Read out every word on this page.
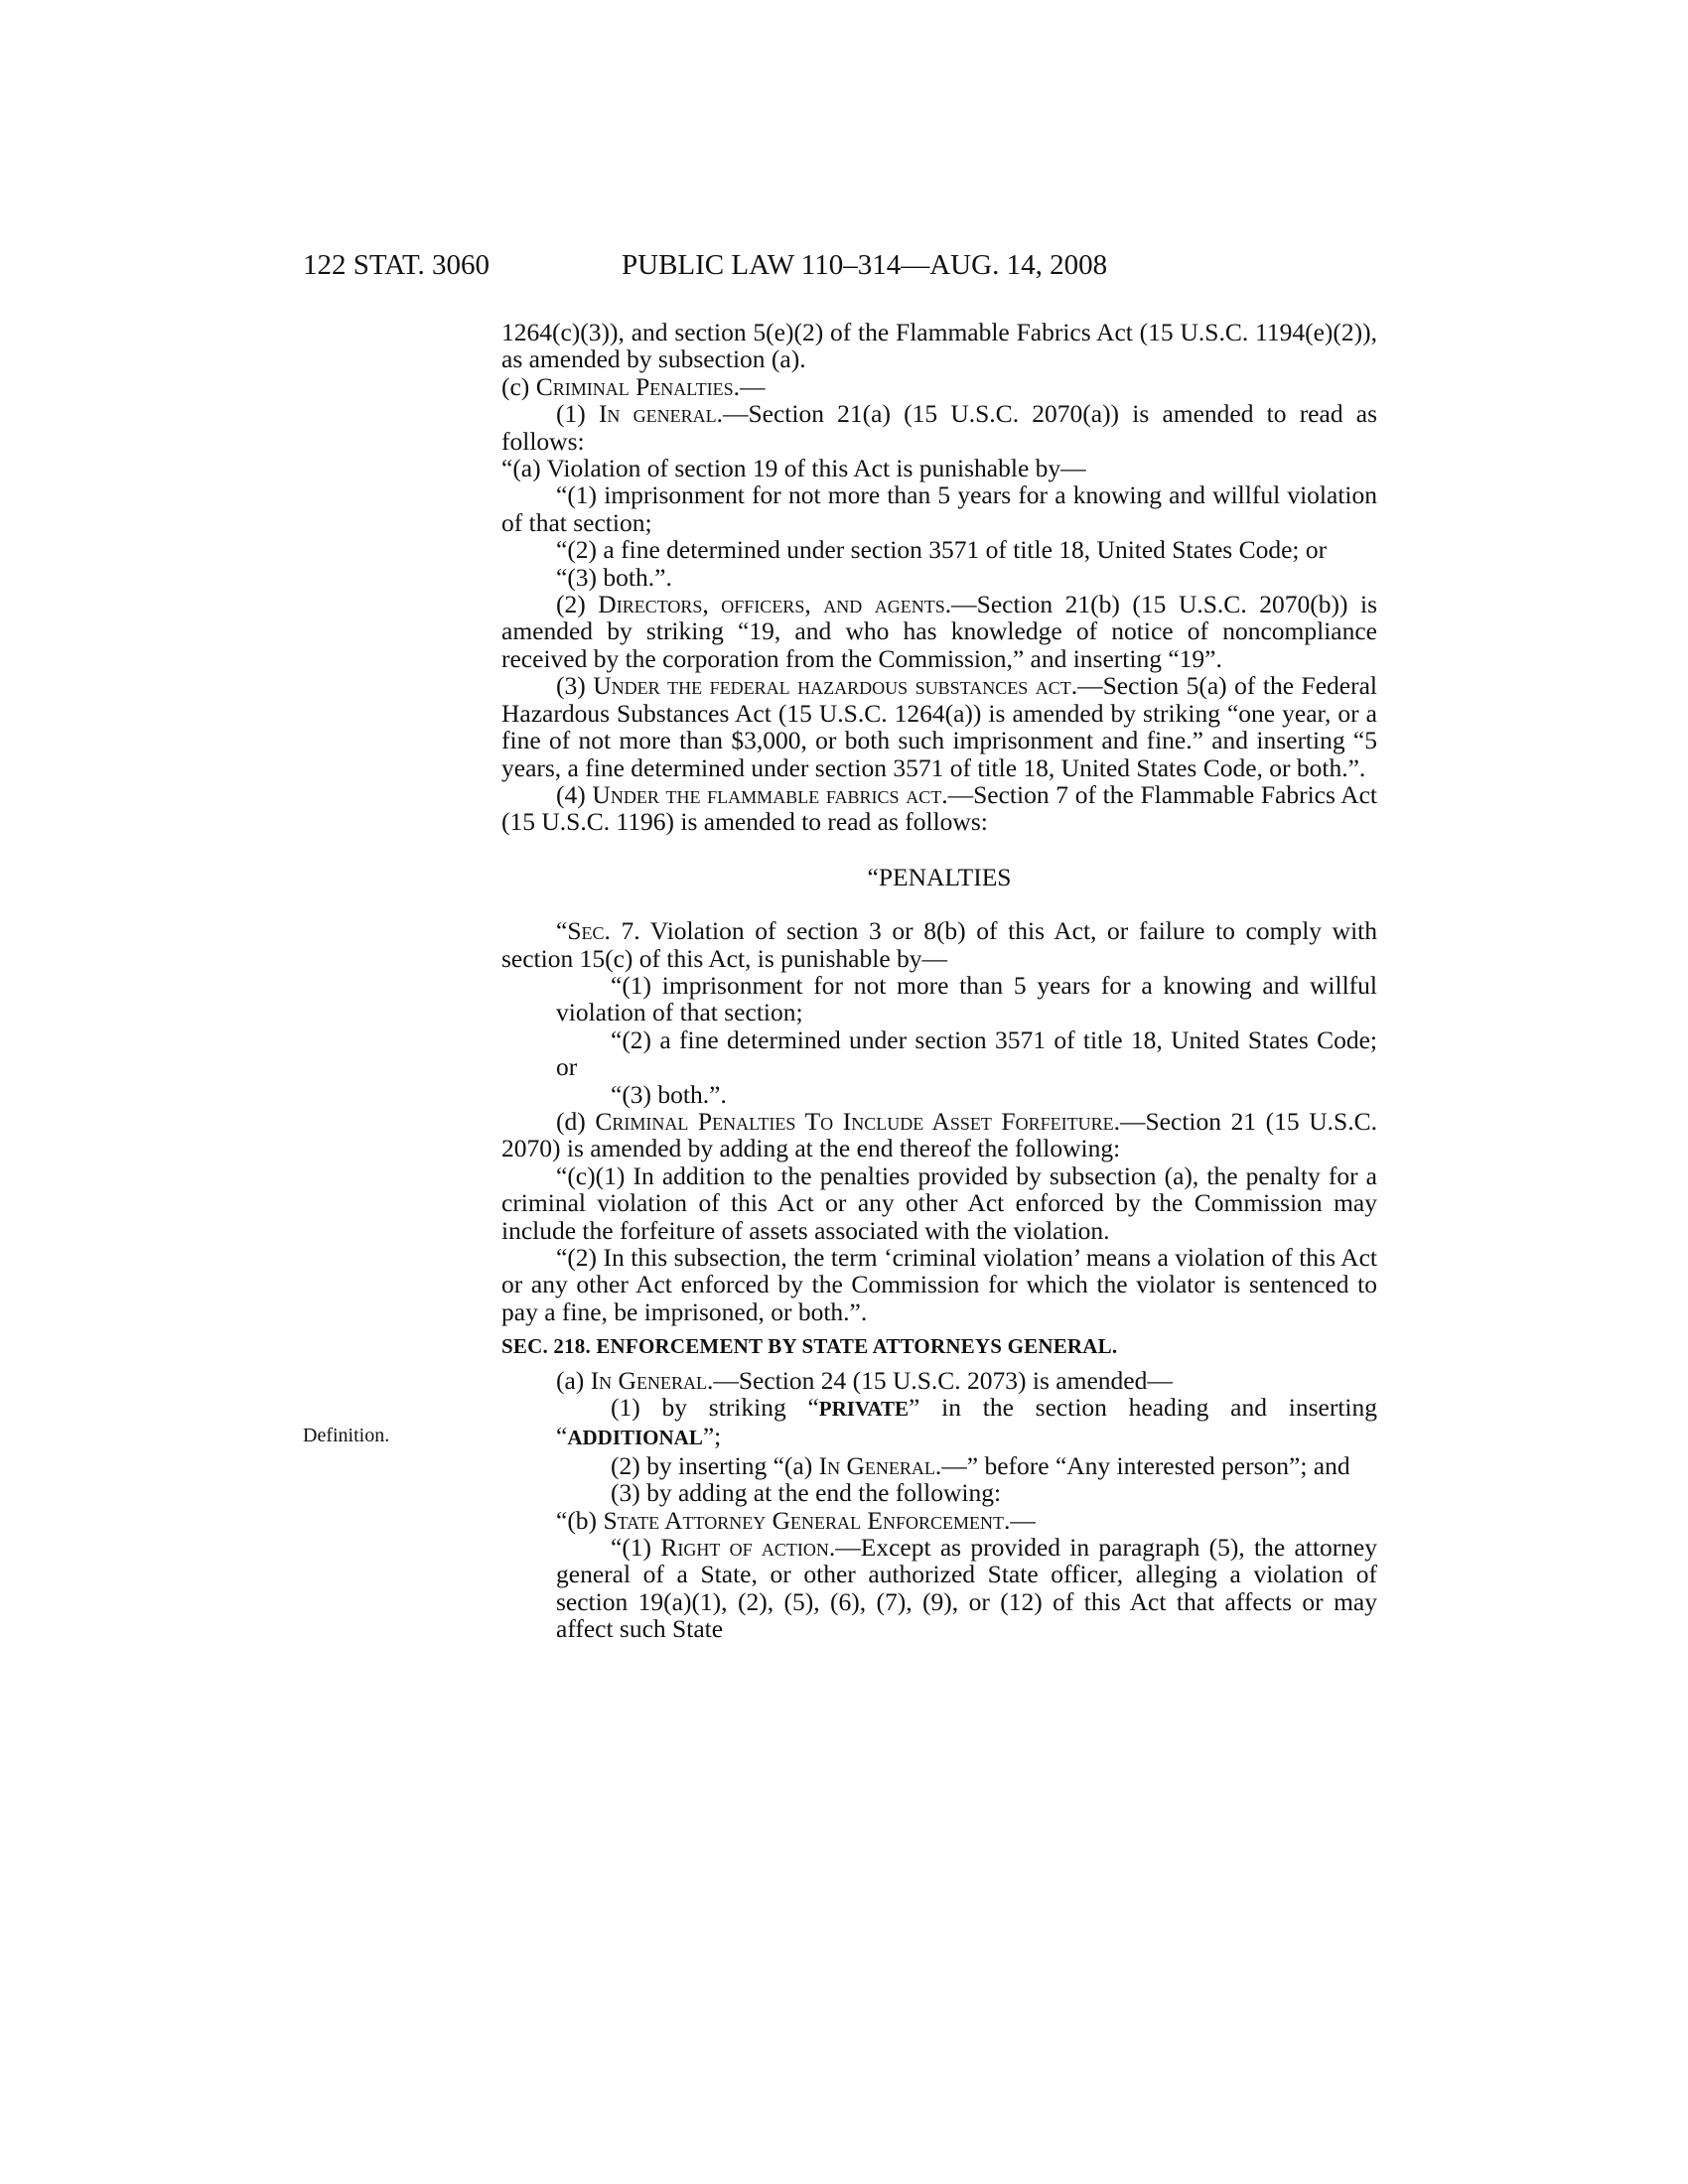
122 STAT. 3060	PUBLIC LAW 110–314—AUG. 14, 2008
Definition.

1264(c)(3)), and section 5(e)(2) of the Flammable Fabrics Act (15 U.S.C. 1194(e)(2)), as amended by subsection (a).

(c) Criminal Penalties.—

(1) In general.—Section 21(a) (15 U.S.C. 2070(a)) is amended to read as follows:

“(a) Violation of section 19 of this Act is punishable by—

“(1) imprisonment for not more than 5 years for a knowing and willful violation of that section;

“(2) a fine determined under section 3571 of title 18, United States Code; or

“(3) both.”.

(2) Directors, officers, and agents.—Section 21(b) (15 U.S.C. 2070(b)) is amended by striking “19, and who has knowledge of notice of noncompliance received by the corporation from the Commission,” and inserting “19”.

(3) Under the federal hazardous substances act.—Section 5(a) of the Federal Hazardous Substances Act (15 U.S.C. 1264(a)) is amended by striking “one year, or a fine of not more than $3,000, or both such imprisonment and fine.” and inserting “5 years, a fine determined under section 3571 of title 18, United States Code, or both.”.

(4) Under the flammable fabrics act.—Section 7 of the Flammable Fabrics Act (15 U.S.C. 1196) is amended to read as follows:

“PENALTIES

“Sec. 7. Violation of section 3 or 8(b) of this Act, or failure to comply with section 15(c) of this Act, is punishable by—

“(1) imprisonment for not more than 5 years for a knowing and willful violation of that section;

“(2) a fine determined under section 3571 of title 18, United States Code; or

“(3) both.”.

(d) Criminal Penalties To Include Asset Forfeiture.—Section 21 (15 U.S.C. 2070) is amended by adding at the end thereof the following:

“(c)(1) In addition to the penalties provided by subsection (a), the penalty for a criminal violation of this Act or any other Act enforced by the Commission may include the forfeiture of assets associated with the violation.

“(2) In this subsection, the term ‘criminal violation’ means a violation of this Act or any other Act enforced by the Commission for which the violator is sentenced to pay a fine, be imprisoned, or both.”.

SEC. 218. ENFORCEMENT BY STATE ATTORNEYS GENERAL.

(a) In General.—Section 24 (15 U.S.C. 2073) is amended—

(1) by striking “PRIVATE” in the section heading and inserting “ADDITIONAL”;

(2) by inserting “(a) In General.—” before “Any interested person”; and

(3) by adding at the end the following:

“(b) State Attorney General Enforcement.—

“(1) Right of action.—Except as provided in paragraph (5), the attorney general of a State, or other authorized State officer, alleging a violation of section 19(a)(1), (2), (5), (6), (7), (9), or (12) of this Act that affects or may affect such State
